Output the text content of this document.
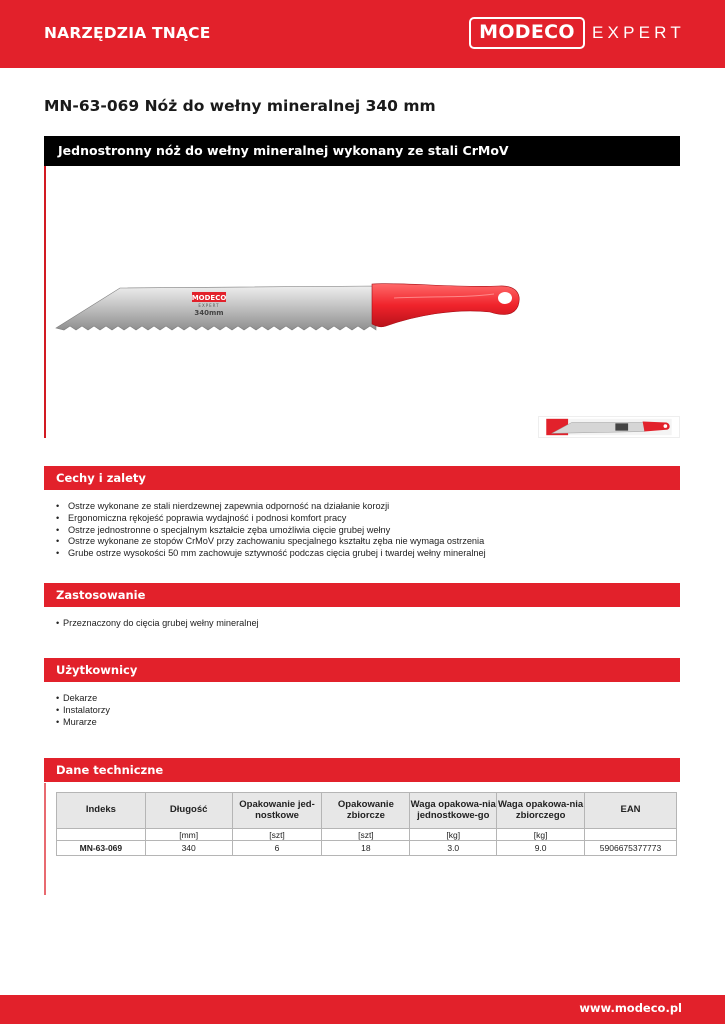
NARZĘDZIA TNĄCE	MODECO	EXPERT
MN-63-069 Nóż do wełny mineralnej 340 mm
Jednostronny nóż do wełny mineralnej wykonany ze stali CrMoV
MODECO
EXPERT
340mm
Cechy i zalety
• Ostrze wykonane ze stali nierdzewnej zapewnia odporność na działanie korozji
• Ergonomiczna rękojeść poprawia wydajność i podnosi komfort pracy
• Ostrze jednostronne o specjalnym kształcie zęba umożliwia cięcie grubej wełny
• Ostrze wykonane ze stopów CrMoV przy zachowaniu specjalnego kształtu zęba nie wymaga ostrzenia
• Grube ostrze wysokości 50 mm zachowuje sztywność podczas cięcia grubej i twardej wełny mineralnej
Zastosowanie
• Przeznaczony do cięcia grubej wełny mineralnej
Użytkownicy
• Dekarze
• Instalatorzy
• Murarze
Dane techniczne
Indeks	Długość	Opakowanie jed-nostkowe	Opakowanie zbiorcze	Waga opakowa-nia jednostkowe-go	Waga opakowa-nia zbiorczego	EAN
	[mm]	[szt]	[szt]	[kg]	[kg]	
MN-63-069	340	6	18	3.0	9.0	5906675377773
www.modeco.pl
